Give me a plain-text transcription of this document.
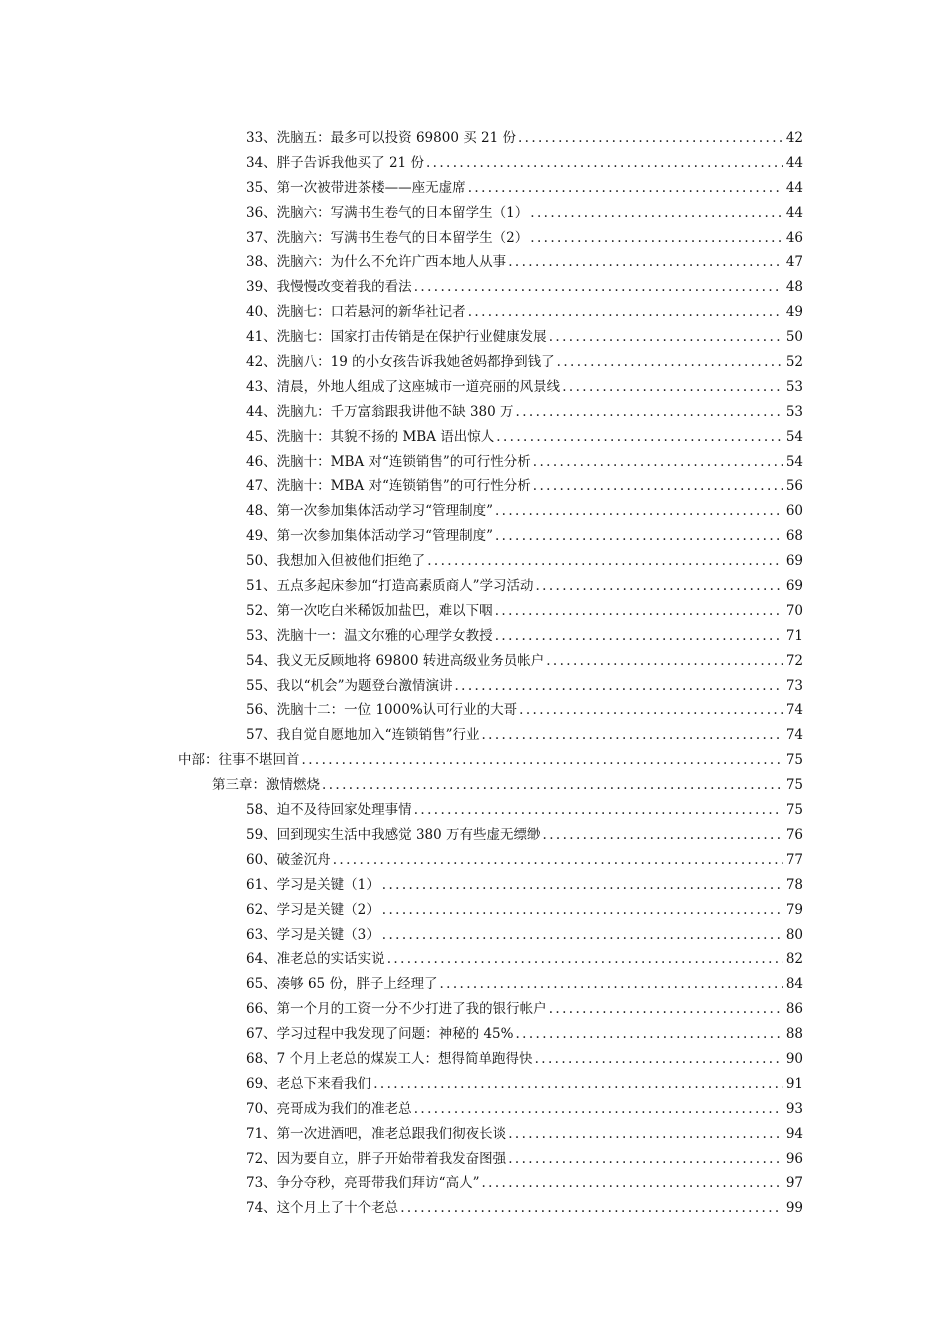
33、洗脑五：最多可以投资 69800 买 21 份 .....	42
34、胖子告诉我他买了 21 份 .....	44
35、第一次被带进茶楼——座无虚席 .....	44
36、洗脑六：写满书生卷气的日本留学生（1） .....	44
37、洗脑六：写满书生卷气的日本留学生（2） .....	46
38、洗脑六：为什么不允许广西本地人从事 .....	47
39、我慢慢改变着我的看法 .....	48
40、洗脑七：口若悬河的新华社记者 .....	49
41、洗脑七：国家打击传销是在保护行业健康发展 .....	50
42、洗脑八：19 的小女孩告诉我她爸妈都挣到钱了 .....	52
43、清晨，外地人组成了这座城市一道亮丽的风景线 .....	53
44、洗脑九：千万富翁跟我讲他不缺 380 万 .....	53
45、洗脑十：其貌不扬的 MBA 语出惊人 .....	54
46、洗脑十：MBA 对“连锁销售”的可行性分析 .....	54
47、洗脑十：MBA 对“连锁销售”的可行性分析 .....	56
48、第一次参加集体活动学习“管理制度” .....	60
49、第一次参加集体活动学习“管理制度” .....	68
50、我想加入但被他们拒绝了 .....	69
51、五点多起床参加“打造高素质商人”学习活动 .....	69
52、第一次吃白米稀饭加盐巴，难以下咽 .....	70
53、洗脑十一：温文尔雅的心理学女教授 .....	71
54、我义无反顾地将 69800 转进高级业务员帐户 .....	72
55、我以“机会”为题登台激情演讲 .....	73
56、洗脑十二：一位 1000%认可行业的大哥 .....	74
57、我自觉自愿地加入“连锁销售”行业 .....	74
中部：往事不堪回首 .....	75
第三章：激情燃烧 .....	75
58、迫不及待回家处理事情 .....	75
59、回到现实生活中我感觉 380 万有些虚无缥缈 .....	76
60、破釜沉舟 .....	77
61、学习是关键（1） .....	78
62、学习是关键（2） .....	79
63、学习是关键（3） .....	80
64、准老总的实话实说 .....	82
65、凑够 65 份，胖子上经理了 .....	84
66、第一个月的工资一分不少打进了我的银行帐户 .....	86
67、学习过程中我发现了问题：神秘的 45% .....	88
68、7 个月上老总的煤炭工人：想得简单跑得快 .....	90
69、老总下来看我们 .....	91
70、亮哥成为我们的准老总 .....	93
71、第一次进酒吧，准老总跟我们彻夜长谈 .....	94
72、因为要自立，胖子开始带着我发奋图强 .....	96
73、争分夺秒，亮哥带我们拜访“高人” .....	97
74、这个月上了十个老总 .....	99
